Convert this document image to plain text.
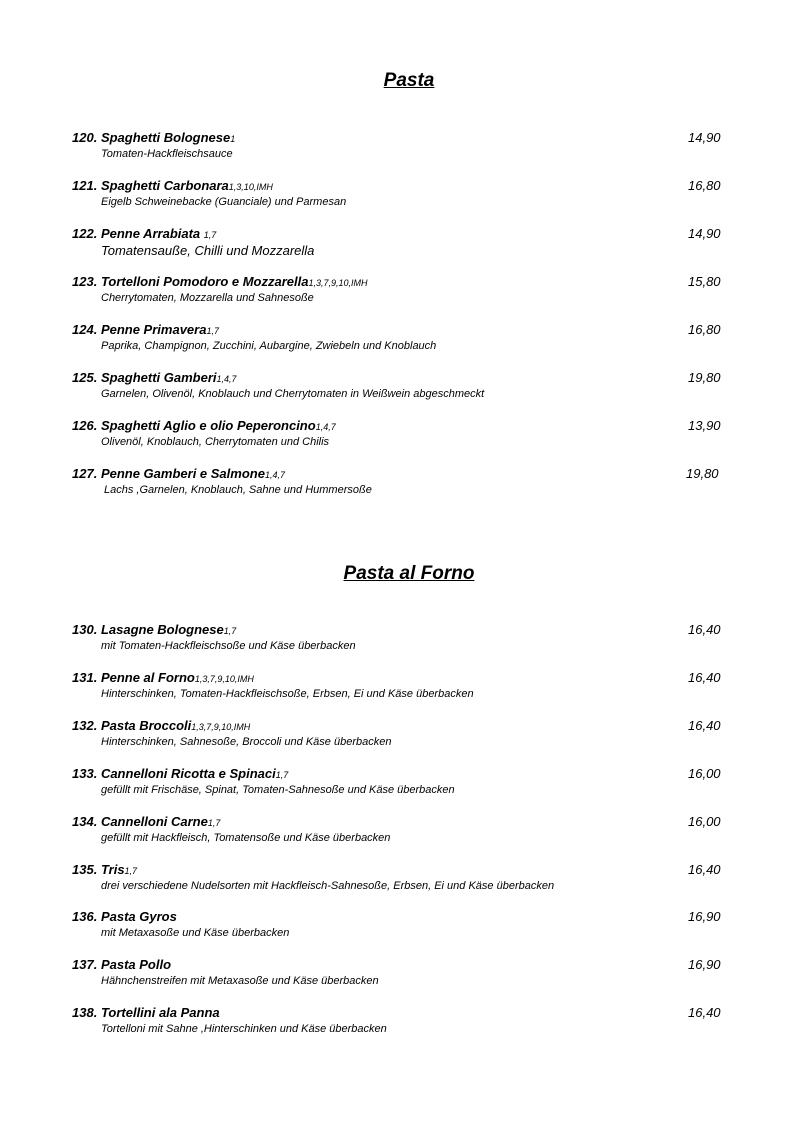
Pasta
Pasta al Forno
120. Spaghetti Bolognese1	14,90
Tomaten-Hackfleischsauce
121. Spaghetti Carbonara1,3,10,IMH	16,80
Eigelb Schweinebacke (Guanciale) und Parmesan
122. Penne Arrabiata 1,7	14,90
Tomatensauße, Chilli und Mozzarella
123. Tortelloni Pomodoro e Mozzarella1,3,7,9,10,IMH	15,80
Cherrytomaten, Mozzarella und Sahnesoße
124. Penne Primavera1,7	16,80
Paprika, Champignon, Zucchini, Aubargine, Zwiebeln und Knoblauch
125. Spaghetti Gamberi1,4,7	19,80
Garnelen, Olivenöl, Knoblauch und Cherrytomaten in Weißwein abgeschmeckt
126. Spaghetti Aglio e olio Peperoncino1,4,7	13,90
Olivenöl, Knoblauch, Cherrytomaten und Chilis
127. Penne Gamberi e Salmone1,4,7	19,80
Lachs ,Garnelen, Knoblauch, Sahne und Hummersoße
130. Lasagne Bolognese1,7	16,40
mit Tomaten-Hackfleischsoße und Käse überbacken
131. Penne al Forno1,3,7,9,10,IMH	16,40
Hinterschinken, Tomaten-Hackfleischsoße, Erbsen, Ei und Käse überbacken
132. Pasta Broccoli1,3,7,9,10,IMH	16,40
Hinterschinken, Sahnesoße, Broccoli und Käse überbacken
133. Cannelloni Ricotta e Spinaci1,7	16,00
gefüllt mit Frischäse, Spinat, Tomaten-Sahnesoße und Käse überbacken
134. Cannelloni Carne1,7	16,00
gefüllt mit Hackfleisch, Tomatensoße und Käse überbacken
135. Tris1,7	16,40
drei verschiedene Nudelsorten mit Hackfleisch-Sahnesoße, Erbsen, Ei und Käse überbacken
136. Pasta Gyros	16,90
mit Metaxasoße und Käse überbacken
137. Pasta Pollo	16,90
Hähnchenstreifen mit Metaxasoße und Käse überbacken
138. Tortellini ala Panna	16,40
Tortelloni mit Sahne ,Hinterschinken und Käse überbacken
